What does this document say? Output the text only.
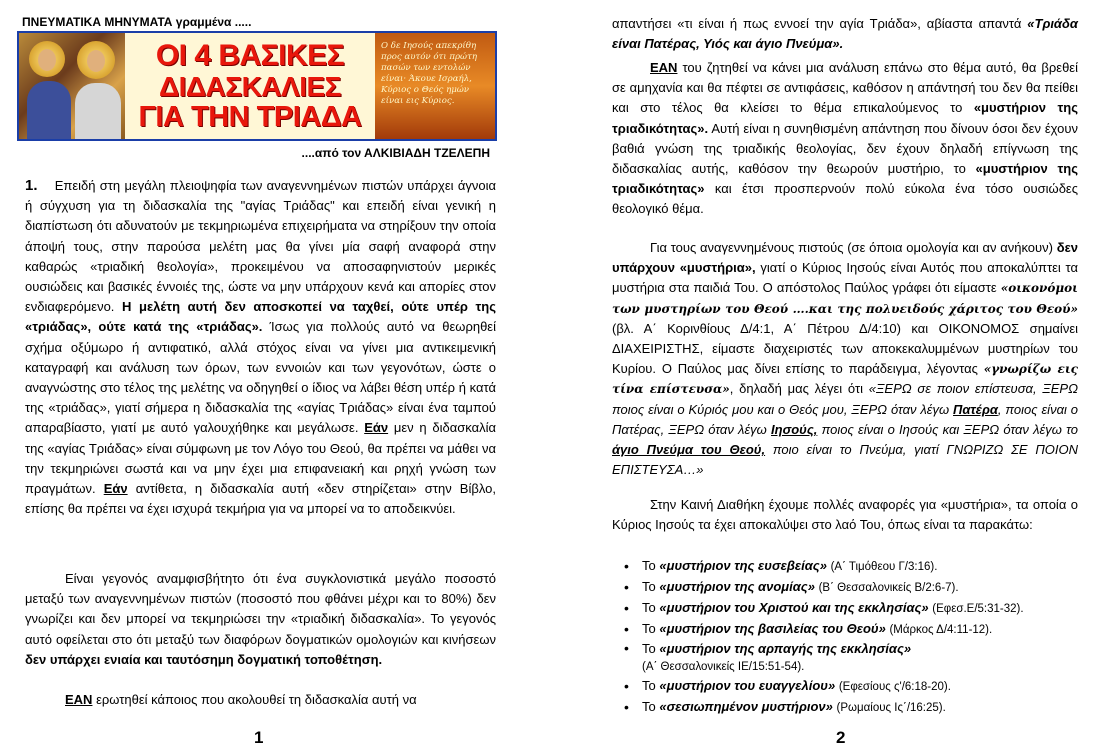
ΠΝΕΥΜΑΤΙΚΑ ΜΗΝΥΜΑΤΑ γραμμένα .....
ΟΙ 4 ΒΑΣΙΚΕΣ
ΔΙΔΑΣΚΑΛΙΕΣ
ΓΙΑ ΤΗΝ ΤΡΙΑΔΑ
Ο δε Ιησούς απεκρίθη προς αυτόν ότι πρώτη πασών των εντολών είναι· Άκουε Ισραήλ, Κύριος ο Θεός ημών είναι εις Κύριος.
....από τον ΑΛΚΙΒΙΑΔΗ ΤΖΕΛΕΠΗ
1. Επειδή στη μεγάλη πλειοψηφία των αναγεννημένων πιστών υπάρχει άγνοια ή σύγχυση για τη διδασκαλία της "αγίας Τριάδας" και επειδή είναι γενική η διαπίστωση ότι αδυνατούν με τεκμηριωμένα επιχειρήματα να στηρίξουν την οποία άποψή τους, στην παρούσα μελέτη μας θα γίνει μία σαφή αναφορά στην καθαρώς «τριαδική θεολογία», προκειμένου να αποσαφηνιστούν μερικές ουσιώδεις και βασικές έννοιές της, ώστε να μην υπάρχουν κενά και απορίες στον ενδιαφερόμενο. Η μελέτη αυτή δεν αποσκοπεί να ταχθεί, ούτε υπέρ της «τριάδας», ούτε κατά της «τριάδας». Ίσως για πολλούς αυτό να θεωρηθεί σχήμα οξύμωρο ή αντιφατικό, αλλά στόχος είναι να γίνει μια αντικειμενική καταγραφή και ανάλυση των όρων, των εννοιών και των γεγονότων, ώστε ο αναγνώστης στο τέλος της μελέτης να οδηγηθεί ο ίδιος να λάβει θέση υπέρ ή κατά της «τριάδας», γιατί σήμερα η διδασκαλία της «αγίας Τριάδας» είναι ένα ταμπού απαραβίαστο, γιατί με αυτό γαλουχήθηκε και μεγάλωσε. Εάν μεν η διδασκαλία της «αγίας Τριάδας» είναι σύμφωνη με τον Λόγο του Θεού, θα πρέπει να μάθει να την τεκμηριώνει σωστά και να μην έχει μια επιφανειακή και ρηχή γνώση των πραγμάτων. Εάν αντίθετα, η διδασκαλία αυτή «δεν στηρίζεται» στην Βίβλο, επίσης θα πρέπει να έχει ισχυρά τεκμήρια για να μπορεί να το αποδεικνύει.
Είναι γεγονός αναμφισβήτητο ότι ένα συγκλονιστικά μεγάλο ποσοστό μεταξύ των αναγεννημένων πιστών (ποσοστό που φθάνει μέχρι και το 80%) δεν γνωρίζει και δεν μπορεί να τεκμηριώσει την «τριαδική διδασκαλία». Το γεγονός αυτό οφείλεται στο ότι μεταξύ των διαφόρων δογματικών ομολογιών και κινήσεων δεν υπάρχει ενιαία και ταυτόσημη δογματική τοποθέτηση.
ΕΑΝ ερωτηθεί κάποιος που ακολουθεί τη διδασκαλία αυτή να
1
απαντήσει «τι είναι ή πως εννοεί την αγία Τριάδα», αβίαστα απαντά «Τριάδα είναι Πατέρας, Υιός και άγιο Πνεύμα».
ΕΑΝ του ζητηθεί να κάνει μια ανάλυση επάνω στο θέμα αυτό, θα βρεθεί σε αμηχανία και θα πέφτει σε αντιφάσεις, καθόσον η απάντησή του δεν θα πείθει και στο τέλος θα κλείσει το θέμα επικαλούμενος το «μυστήριον της τριαδικότητας». Αυτή είναι η συνηθισμένη απάντηση που δίνουν όσοι δεν έχουν βαθιά γνώση της τριαδικής θεολογίας, δεν έχουν δηλαδή επίγνωση της διδασκαλίας αυτής, καθόσον την θεωρούν μυστήριο, το «μυστήριον της τριαδικότητας» και έτσι προσπερνούν πολύ εύκολα ένα τόσο ουσιώδες θεολογικό θέμα.
Για τους αναγεννημένους πιστούς (σε όποια ομολογία και αν ανήκουν) δεν υπάρχουν «μυστήρια», γιατί ο Κύριος Ιησούς είναι Αυτός που αποκαλύπτει τα μυστήρια στα παιδιά Του. Ο απόστολος Παύλος γράφει ότι είμαστε «οικονόμοι των μυστηρίων του Θεού ….και της πολυειδούς χάριτος του Θεού» (βλ. Α΄ Κορινθίους Δ/4:1, Α΄ Πέτρου Δ/4:10) και ΟΙΚΟΝΟΜΟΣ σημαίνει ΔΙΑΧΕΙΡΙΣΤΗΣ, είμαστε διαχειριστές των αποκεκαλυμμένων μυστηρίων του Κυρίου. Ο Παύλος μας δίνει επίσης το παράδειγμα, λέγοντας «γνωρίζω εις τίνα επίστευσα», δηλαδή μας λέγει ότι «ΞΕΡΩ σε ποιον επίστευσα, ΞΕΡΩ ποιος είναι ο Κύριός μου και ο Θεός μου, ΞΕΡΩ όταν λέγω Πατέρα, ποιος είναι ο Πατέρας, ΞΕΡΩ όταν λέγω Ιησούς, ποιος είναι ο Ιησούς και ΞΕΡΩ όταν λέγω το άγιο Πνεύμα του Θεού, ποιο είναι το Πνεύμα, γιατί ΓΝΩΡΙΖΩ ΣΕ ΠΟΙΟΝ ΕΠΙΣΤΕΥΣΑ…»
Στην Καινή Διαθήκη έχουμε πολλές αναφορές για «μυστήρια», τα οποία ο Κύριος Ιησούς τα έχει αποκαλύψει στο λαό Του, όπως είναι τα παρακάτω:
• Το «μυστήριον της ευσεβείας» (Α΄ Τιμόθεου Γ/3:16).
• Το «μυστήριον της ανομίας» (Β΄ Θεσσαλονικείς Β/2:6-7).
• Το «μυστήριον του Χριστού και της εκκλησίας» (Εφεσ.Ε/5:31-32).
• Το «μυστήριον της βασιλείας του Θεού» (Μάρκος Δ/4:11-12).
• Το «μυστήριον της αρπαγής της εκκλησίας»
(Α΄ Θεσσαλονικείς ΙΕ/15:51-54).
• Το «μυστήριον του ευαγγελίου» (Εφεσίους ς'/6:18-20).
• Το «σεσιωπημένον μυστήριον» (Ρωμαίους Ις΄/16:25).
2
